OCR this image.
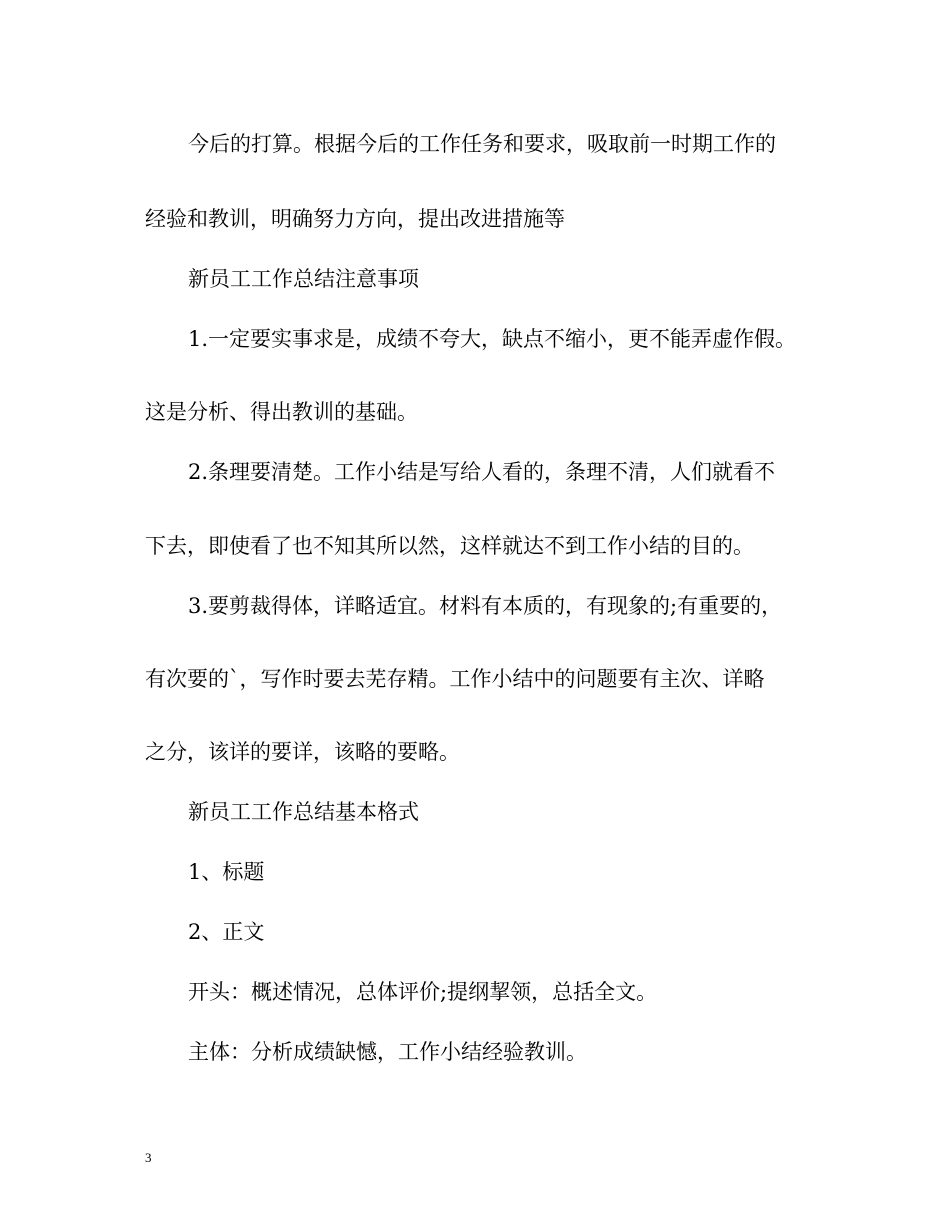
今后的打算。根据今后的工作任务和要求，吸取前一时期工作的

经验和教训，明确努力方向，提出改进措施等

新员工工作总结注意事项

1.一定要实事求是，成绩不夸大，缺点不缩小，更不能弄虚作假。

这是分析、得出教训的基础。

2.条理要清楚。工作小结是写给人看的，条理不清，人们就看不

下去，即使看了也不知其所以然，这样就达不到工作小结的目的。

3.要剪裁得体，详略适宜。材料有本质的，有现象的;有重要的，

有次要的`，写作时要去芜存精。工作小结中的问题要有主次、详略

之分，该详的要详，该略的要略。

新员工工作总结基本格式

1、标题

2、正文

开头：概述情况，总体评价;提纲挈领，总括全文。

主体：分析成绩缺憾，工作小结经验教训。

3
